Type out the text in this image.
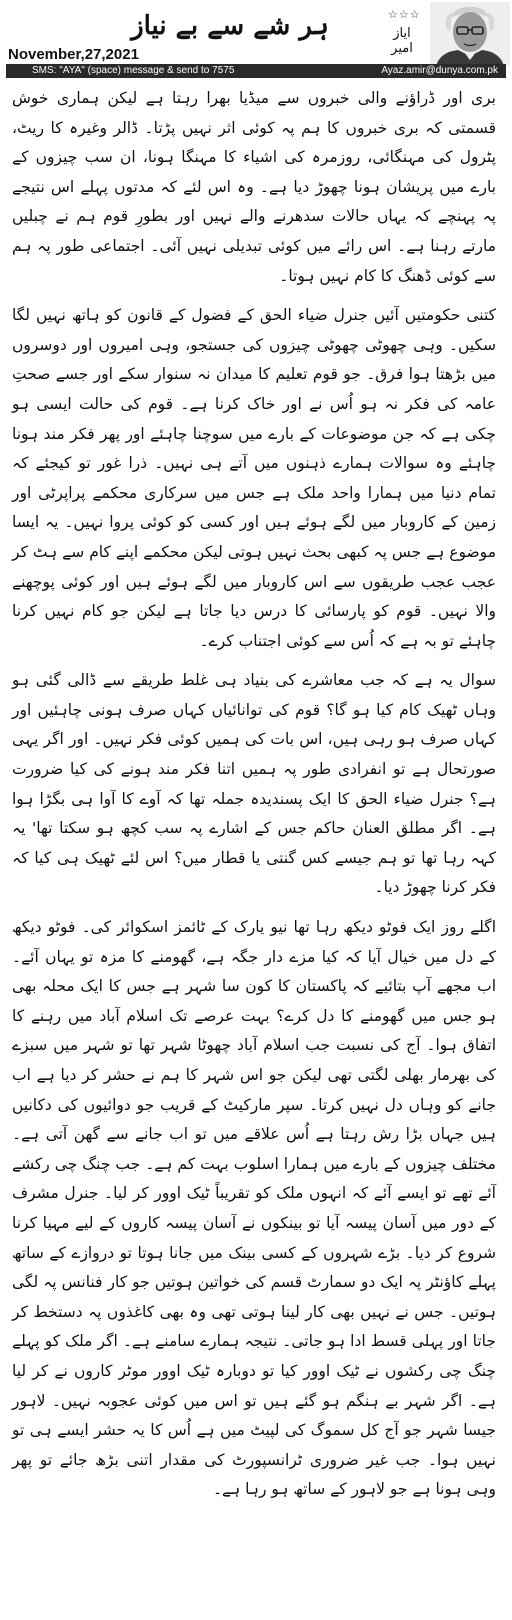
ہر شے سے بے نیاز	☆☆☆
ایاز امیر
November,27,2021
SMS: "AYA" (space) message & send to 7575	Ayaz.amir@dunya.com.pk

بری اور ڈراؤنے والی خبروں سے میڈیا بھرا رہتا ہے لیکن ہماری خوش قسمتی کہ بری خبروں کا ہم پہ کوئی اثر نہیں پڑتا۔ ڈالر وغیرہ کا ریٹ، پٹرول کی مہنگائی، روزمرہ کی اشیاء کا مہنگا ہونا، ان سب چیزوں کے بارے میں پریشان ہونا چھوڑ دیا ہے۔ وہ اس لئے کہ مدتوں پہلے اس نتیجے پہ پہنچے کہ یہاں حالات سدھرنے والے نہیں اور بطورِ قوم ہم نے چبلیں مارتے رہنا ہے۔ اس رائے میں کوئی تبدیلی نہیں آئی۔ اجتماعی طور پہ ہم سے کوئی ڈھنگ کا کام نہیں ہوتا۔

کتنی حکومتیں آئیں جنرل ضیاء الحق کے فضول کے قانون کو ہاتھ نہیں لگا سکیں۔ وہی چھوٹی چھوٹی چیزوں کی جستجو، وہی امیروں اور دوسروں میں بڑھتا ہوا فرق۔ جو قوم تعلیم کا میدان نہ سنوار سکے اور جسے صحتِ عامہ کی فکر نہ ہو اُس نے اور خاک کرنا ہے۔ قوم کی حالت ایسی ہو چکی ہے کہ جن موضوعات کے بارے میں سوچنا چاہئے اور پھر فکر مند ہونا چاہئے وہ سوالات ہمارے ذہنوں میں آتے ہی نہیں۔ ذرا غور تو کیجئے کہ تمام دنیا میں ہمارا واحد ملک ہے جس میں سرکاری محکمے پراپرٹی اور زمین کے کاروبار میں لگے ہوئے ہیں اور کسی کو کوئی پروا نہیں۔ یہ ایسا موضوع ہے جس پہ کبھی بحث نہیں ہوتی لیکن محکمے اپنے کام سے ہٹ کر عجب عجب طریقوں سے اس کاروبار میں لگے ہوئے ہیں اور کوئی پوچھنے والا نہیں۔ قوم کو پارسائی کا درس دیا جاتا ہے لیکن جو کام نہیں کرنا چاہئے تو بہ ہے کہ اُس سے کوئی اجتناب کرے۔

سوال یہ ہے کہ جب معاشرے کی بنیاد ہی غلط طریقے سے ڈالی گئی ہو وہاں ٹھیک کام کیا ہو گا؟ قوم کی توانائیاں کہاں صرف ہونی چاہئیں اور کہاں صرف ہو رہی ہیں، اس بات کی ہمیں کوئی فکر نہیں۔ اور اگر یہی صورتحال ہے تو انفرادی طور پہ ہمیں اتنا فکر مند ہونے کی کیا ضرورت ہے؟ جنرل ضیاء الحق کا ایک پسندیدہ جملہ تھا کہ آوے کا آوا ہی بگڑا ہوا ہے۔ اگر مطلق العنان حاکم جس کے اشارے پہ سب کچھ ہو سکتا تھا' یہ کہہ رہا تھا تو ہم جیسے کس گنتی یا قطار میں؟ اس لئے ٹھیک ہی کیا کہ فکر کرنا چھوڑ دیا۔

اگلے روز ایک فوٹو دیکھ رہا تھا نیو یارک کے ٹائمز اسکوائر کی۔ فوٹو دیکھ کے دل میں خیال آیا کہ کیا مزے دار جگہ ہے، گھومنے کا مزہ تو یہاں آئے۔ اب مجھے آپ بتائیے کہ پاکستان کا کون سا شہر ہے جس کا ایک محلہ بھی ہو جس میں گھومنے کا دل کرے؟ بہت عرصے تک اسلام آباد میں رہنے کا اتفاق ہوا۔ آج کی نسبت جب اسلام آباد چھوٹا شہر تھا تو شہر میں سبزے کی بھرمار بھلی لگتی تھی لیکن جو اس شہر کا ہم نے حشر کر دیا ہے اب جانے کو وہاں دل نہیں کرتا۔ سپر مارکیٹ کے قریب جو دوائیوں کی دکانیں ہیں جہاں بڑا رش رہتا ہے اُس علاقے میں تو اب جانے سے گھن آتی ہے۔ مختلف چیزوں کے بارے میں ہمارا اسلوب بہت کم ہے۔ جب چنگ چی رکشے آئے تھے تو ایسے آئے کہ انہوں ملک کو تقریباً ٹیک اوور کر لیا۔ جنرل مشرف کے دور میں آسان پیسہ آیا تو بینکوں نے آسان پیسہ کاروں کے لیے مہیا کرنا شروع کر دیا۔ بڑے شہروں کے کسی بینک میں جانا ہوتا تو دروازے کے ساتھ پہلے کاؤنٹر پہ ایک دو سمارٹ قسم کی خواتین ہوتیں جو کار فنانس پہ لگی ہوتیں۔ جس نے نہیں بھی کار لینا ہوتی تھی وہ بھی کاغذوں پہ دستخط کر جاتا اور پہلی قسط ادا ہو جاتی۔ نتیجہ ہمارے سامنے ہے۔ اگر ملک کو پہلے چنگ چی رکشوں نے ٹیک اوور کیا تو دوبارہ ٹیک اوور موٹر کاروں نے کر لیا ہے۔ اگر شہر بے ہنگم ہو گئے ہیں تو اس میں کوئی عجوبہ نہیں۔ لاہور جیسا شہر جو آج کل سموگ کی لپیٹ میں ہے اُس کا یہ حشر ایسے ہی تو نہیں ہوا۔ جب غیر ضروری ٹرانسپورٹ کی مقدار اتنی بڑھ جائے تو پھر وہی ہونا ہے جو لاہور کے ساتھ ہو رہا ہے۔
